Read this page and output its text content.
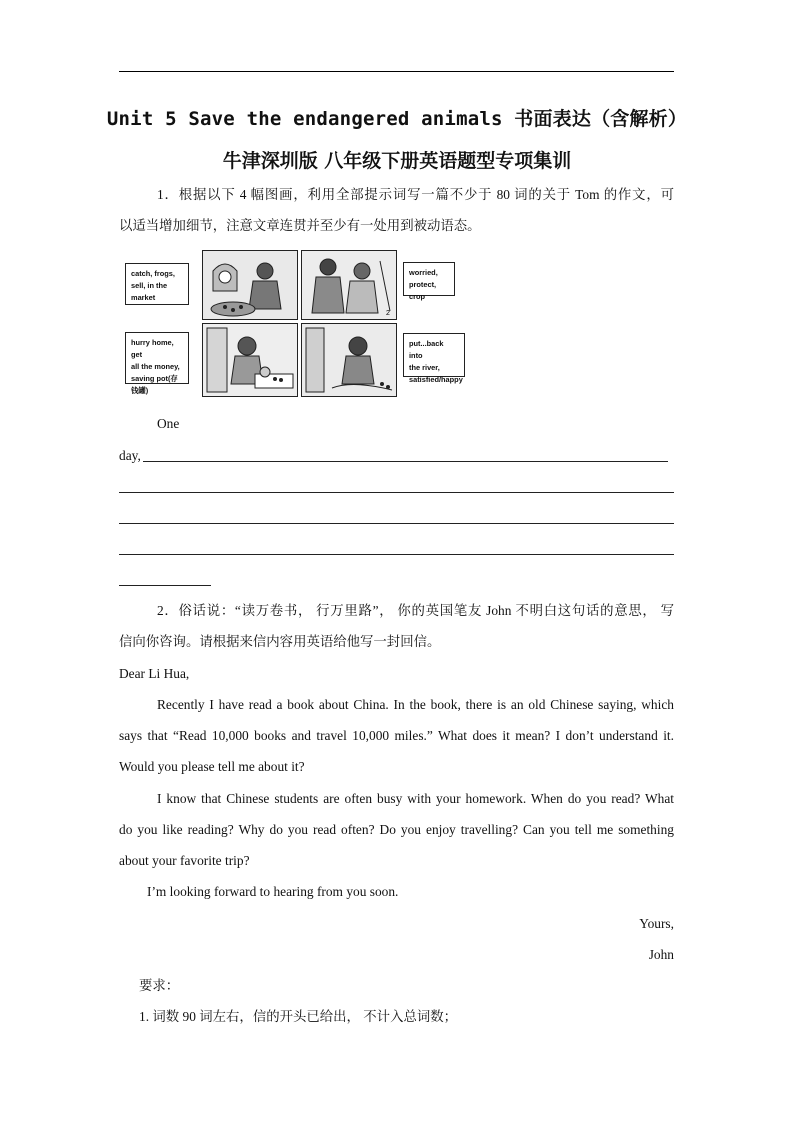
Unit 5 Save the endangered animals 书面表达（含解析）
牛津深圳版 八年级下册英语题型专项集训
1．根据以下 4 幅图画，利用全部提示词写一篇不少于 80 词的关于 Tom 的作文，可
以适当增加细节，注意文章连贯并至少有一处用到被动语态。
catch, frogs,
sell, in the
market
2
worried,
protect, crop
hurry home, get
all the money,
saving pot(存钱罐)
put...back into
the river,
satisfied/happy
One
day,
2．俗话说：“读万卷书， 行万里路”， 你的英国笔友 John 不明白这句话的意思， 写
信向你咨询。请根据来信内容用英语给他写一封回信。
Dear Li Hua,
Recently I have read a book about China. In the book, there is an old Chinese saying, which
says that “Read 10,000 books and travel 10,000 miles.” What does it mean? I don’t understand it.
Would you please tell me about it?
I know that Chinese students are often busy with your homework. When do you read? What
do you like reading? Why do you read often? Do you enjoy travelling? Can you tell me something
about your favorite trip?
I’m looking forward to hearing from you soon.
Yours,
John
要求：
1. 词数 90 词左右，信的开头已给出， 不计入总词数；
